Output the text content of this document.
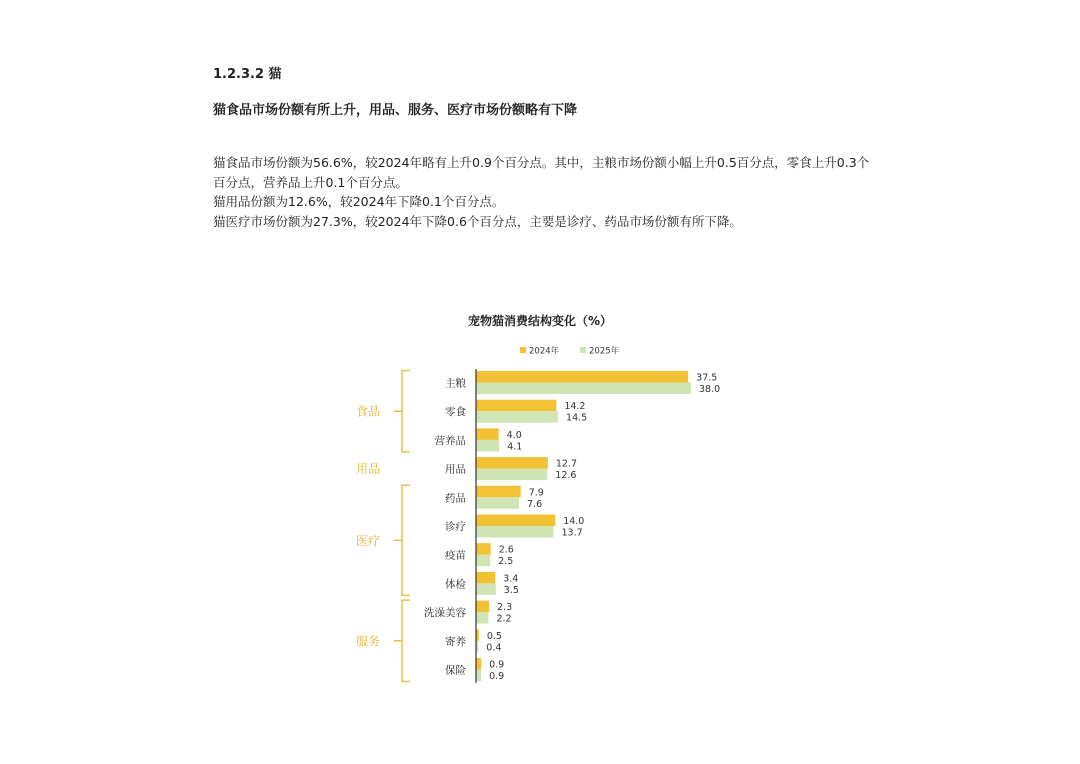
1.2.3.2 猫
猫食品市场份额有所上升，用品、服务、医疗市场份额略有下降

猫食品市场份额为56.6%，较2024年略有上升0.9个百分点。其中，主粮市场份额小幅上升0.5百分点，零食上升0.3个百分点，营养品上升0.1个百分点。

猫用品份额为12.6%，较2024年下降0.1个百分点。

猫医疗市场份额为27.3%，较2024年下降0.6个百分点，主要是诊疗、药品市场份额有所下降。

宠物猫消费结构变化（%）
2024年	2025年
食品
用品
医疗
服务
主粮
零食
营养品
用品
药品
诊疗
疫苗
体检
洗澡美容
寄养
保险
37.5
38.0
14.2
14.5
4.0
4.1
12.7
12.6
7.9
7.6
14.0
13.7
2.6
2.5
3.4
3.5
2.3
2.2
0.5
0.4
0.9
0.9
